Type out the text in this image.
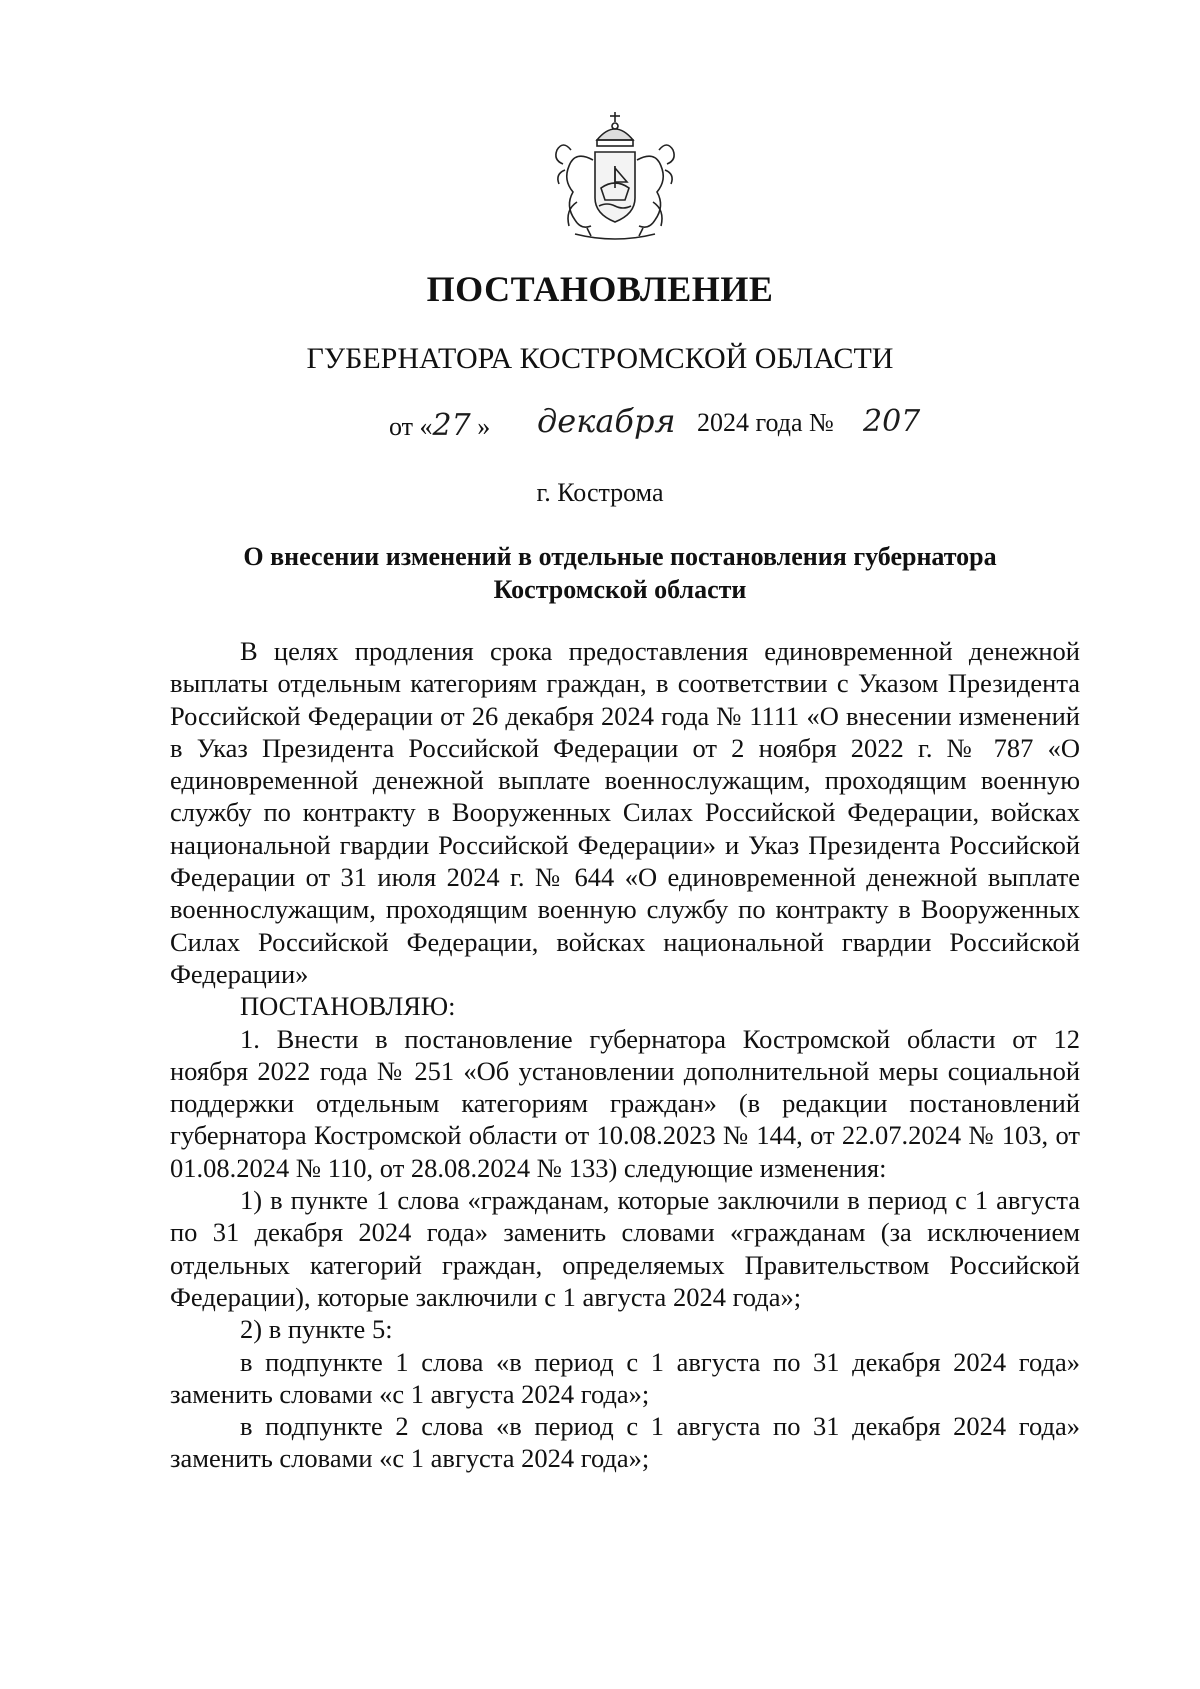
ПОСТАНОВЛЕНИЕ
ГУБЕРНАТОРА КОСТРОМСКОЙ ОБЛАСТИ
от «27 » декабря 2024 года № 207
г. Кострома
О внесении изменений в отдельные постановления губернатора Костромской области

В целях продления срока предоставления единовременной денежной выплаты отдельным категориям граждан, в соответствии с Указом Президента Российской Федерации от 26 декабря 2024 года № 1111 «О внесении изменений в Указ Президента Российской Федерации от 2 ноября 2022 г. № 787 «О единовременной денежной выплате военнослужащим, проходящим военную службу по контракту в Вооруженных Силах Российской Федерации, войсках национальной гвардии Российской Федерации» и Указ Президента Российской Федерации от 31 июля 2024 г. № 644 «О единовременной денежной выплате военнослужащим, проходящим военную службу по контракту в Вооруженных Силах Российской Федерации, войсках национальной гвардии Российской Федерации»

ПОСТАНОВЛЯЮ:

1. Внести в постановление губернатора Костромской области от 12 ноября 2022 года № 251 «Об установлении дополнительной меры социальной поддержки отдельным категориям граждан» (в редакции постановлений губернатора Костромской области от 10.08.2023 № 144, от 22.07.2024 № 103, от 01.08.2024 № 110, от 28.08.2024 № 133) следующие изменения:

1) в пункте 1 слова «гражданам, которые заключили в период с 1 августа по 31 декабря 2024 года» заменить словами «гражданам (за исключением отдельных категорий граждан, определяемых Правительством Российской Федерации), которые заключили с 1 августа 2024 года»;

2) в пункте 5:

в подпункте 1 слова «в период с 1 августа по 31 декабря 2024 года» заменить словами «с 1 августа 2024 года»;

в подпункте 2 слова «в период с 1 августа по 31 декабря 2024 года» заменить словами «с 1 августа 2024 года»;
